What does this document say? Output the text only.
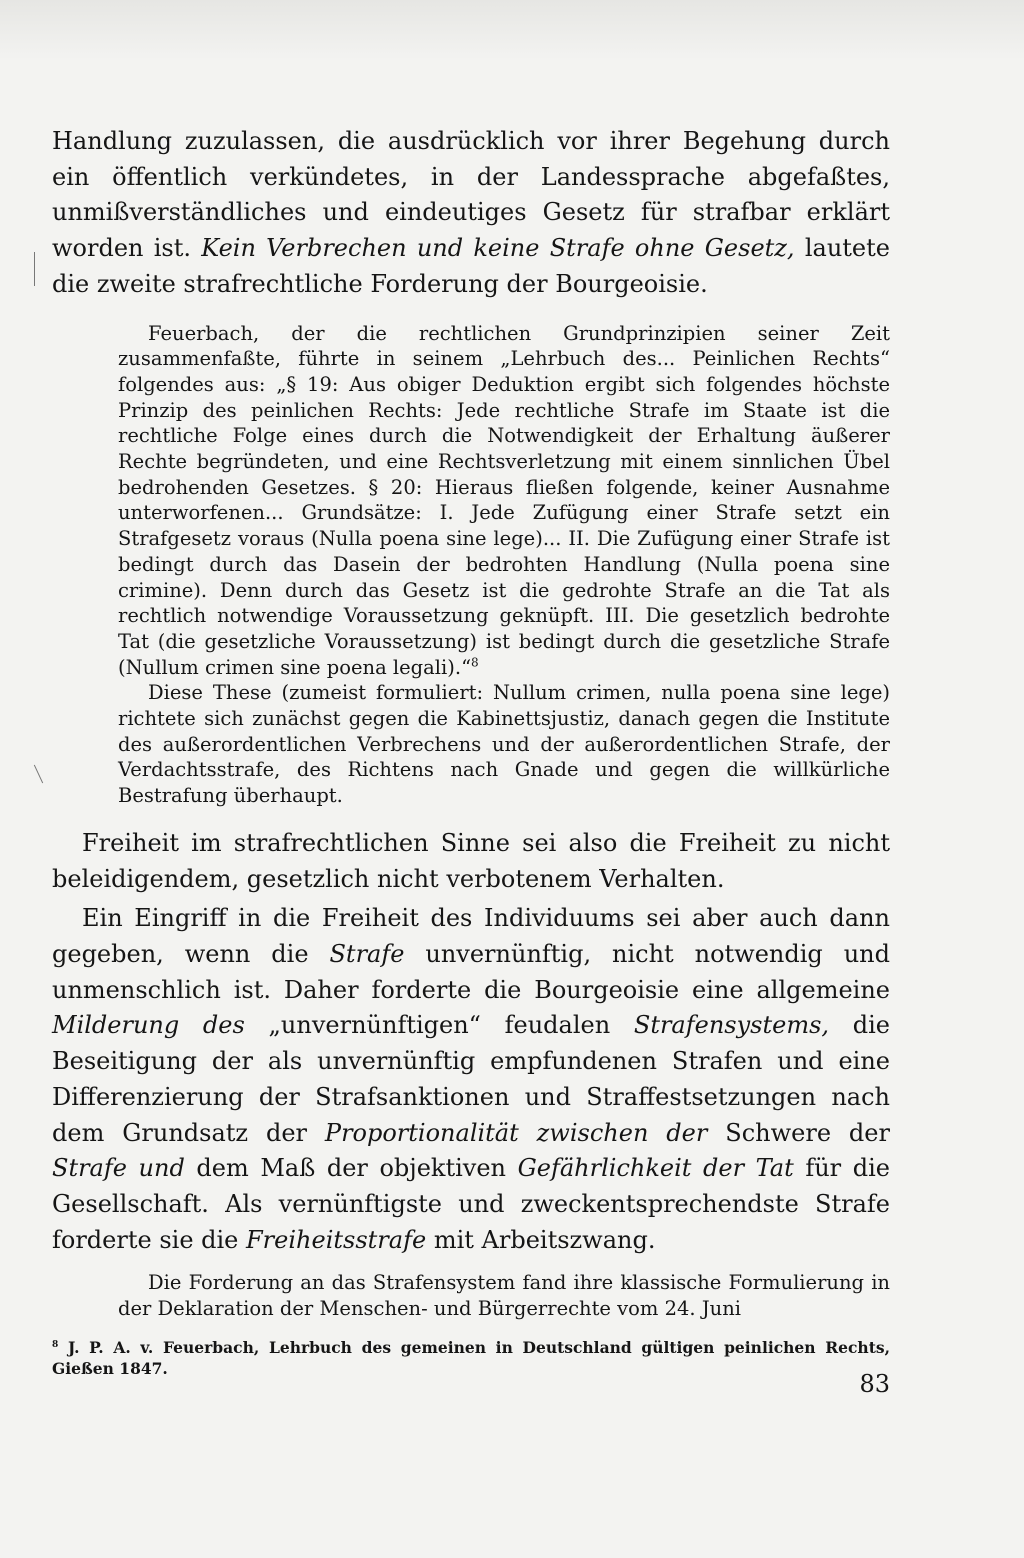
Handlung zuzulassen, die ausdrücklich vor ihrer Begehung durch ein öffentlich verkündetes, in der Landessprache abgefaßtes, unmißverständliches und eindeutiges Gesetz für strafbar erklärt worden ist. Kein Verbrechen und keine Strafe ohne Gesetz, lautete die zweite strafrechtliche Forderung der Bourgeoisie.

Feuerbach, der die rechtlichen Grundprinzipien seiner Zeit zusammenfaßte, führte in seinem „Lehrbuch des... Peinlichen Rechts“ folgendes aus: „§ 19: Aus obiger Deduktion ergibt sich folgendes höchste Prinzip des peinlichen Rechts: Jede rechtliche Strafe im Staate ist die rechtliche Folge eines durch die Notwendigkeit der Erhaltung äußerer Rechte begründeten, und eine Rechtsverletzung mit einem sinnlichen Übel bedrohenden Gesetzes. § 20: Hieraus fließen folgende, keiner Ausnahme unterworfenen... Grundsätze: I. Jede Zufügung einer Strafe setzt ein Strafgesetz voraus (Nulla poena sine lege)... II. Die Zufügung einer Strafe ist bedingt durch das Dasein der bedrohten Handlung (Nulla poena sine crimine). Denn durch das Gesetz ist die gedrohte Strafe an die Tat als rechtlich notwendige Voraussetzung geknüpft. III. Die gesetzlich bedrohte Tat (die gesetzliche Voraussetzung) ist bedingt durch die gesetzliche Strafe (Nullum crimen sine poena legali).“$^8$

Diese These (zumeist formuliert: Nullum crimen, nulla poena sine lege) richtete sich zunächst gegen die Kabinettsjustiz, danach gegen die Institute des außerordentlichen Verbrechens und der außerordentlichen Strafe, der Verdachtsstrafe, des Richtens nach Gnade und gegen die willkürliche Bestrafung überhaupt.

Freiheit im strafrechtlichen Sinne sei also die Freiheit zu nicht beleidigendem, gesetzlich nicht verbotenem Verhalten.

Ein Eingriff in die Freiheit des Individuums sei aber auch dann gegeben, wenn die Strafe unvernünftig, nicht notwendig und unmenschlich ist. Daher forderte die Bourgeoisie eine allgemeine Milderung des „unvernünftigen“ feudalen Strafensystems, die Beseitigung der als unvernünftig empfundenen Strafen und eine Differenzierung der Strafsanktionen und Straffestsetzungen nach dem Grundsatz der Proportionalität zwischen der Schwere der Strafe und dem Maß der objektiven Gefährlichkeit der Tat für die Gesellschaft. Als vernünftigste und zweckentsprechendste Strafe forderte sie die Freiheitsstrafe mit Arbeitszwang.

Die Forderung an das Strafensystem fand ihre klassische Formulierung in der Deklaration der Menschen- und Bürgerrechte vom 24. Juni

$^8$ J. P. A. v. Feuerbach, Lehrbuch des gemeinen in Deutschland gültigen peinlichen Rechts, Gießen 1847.

83
